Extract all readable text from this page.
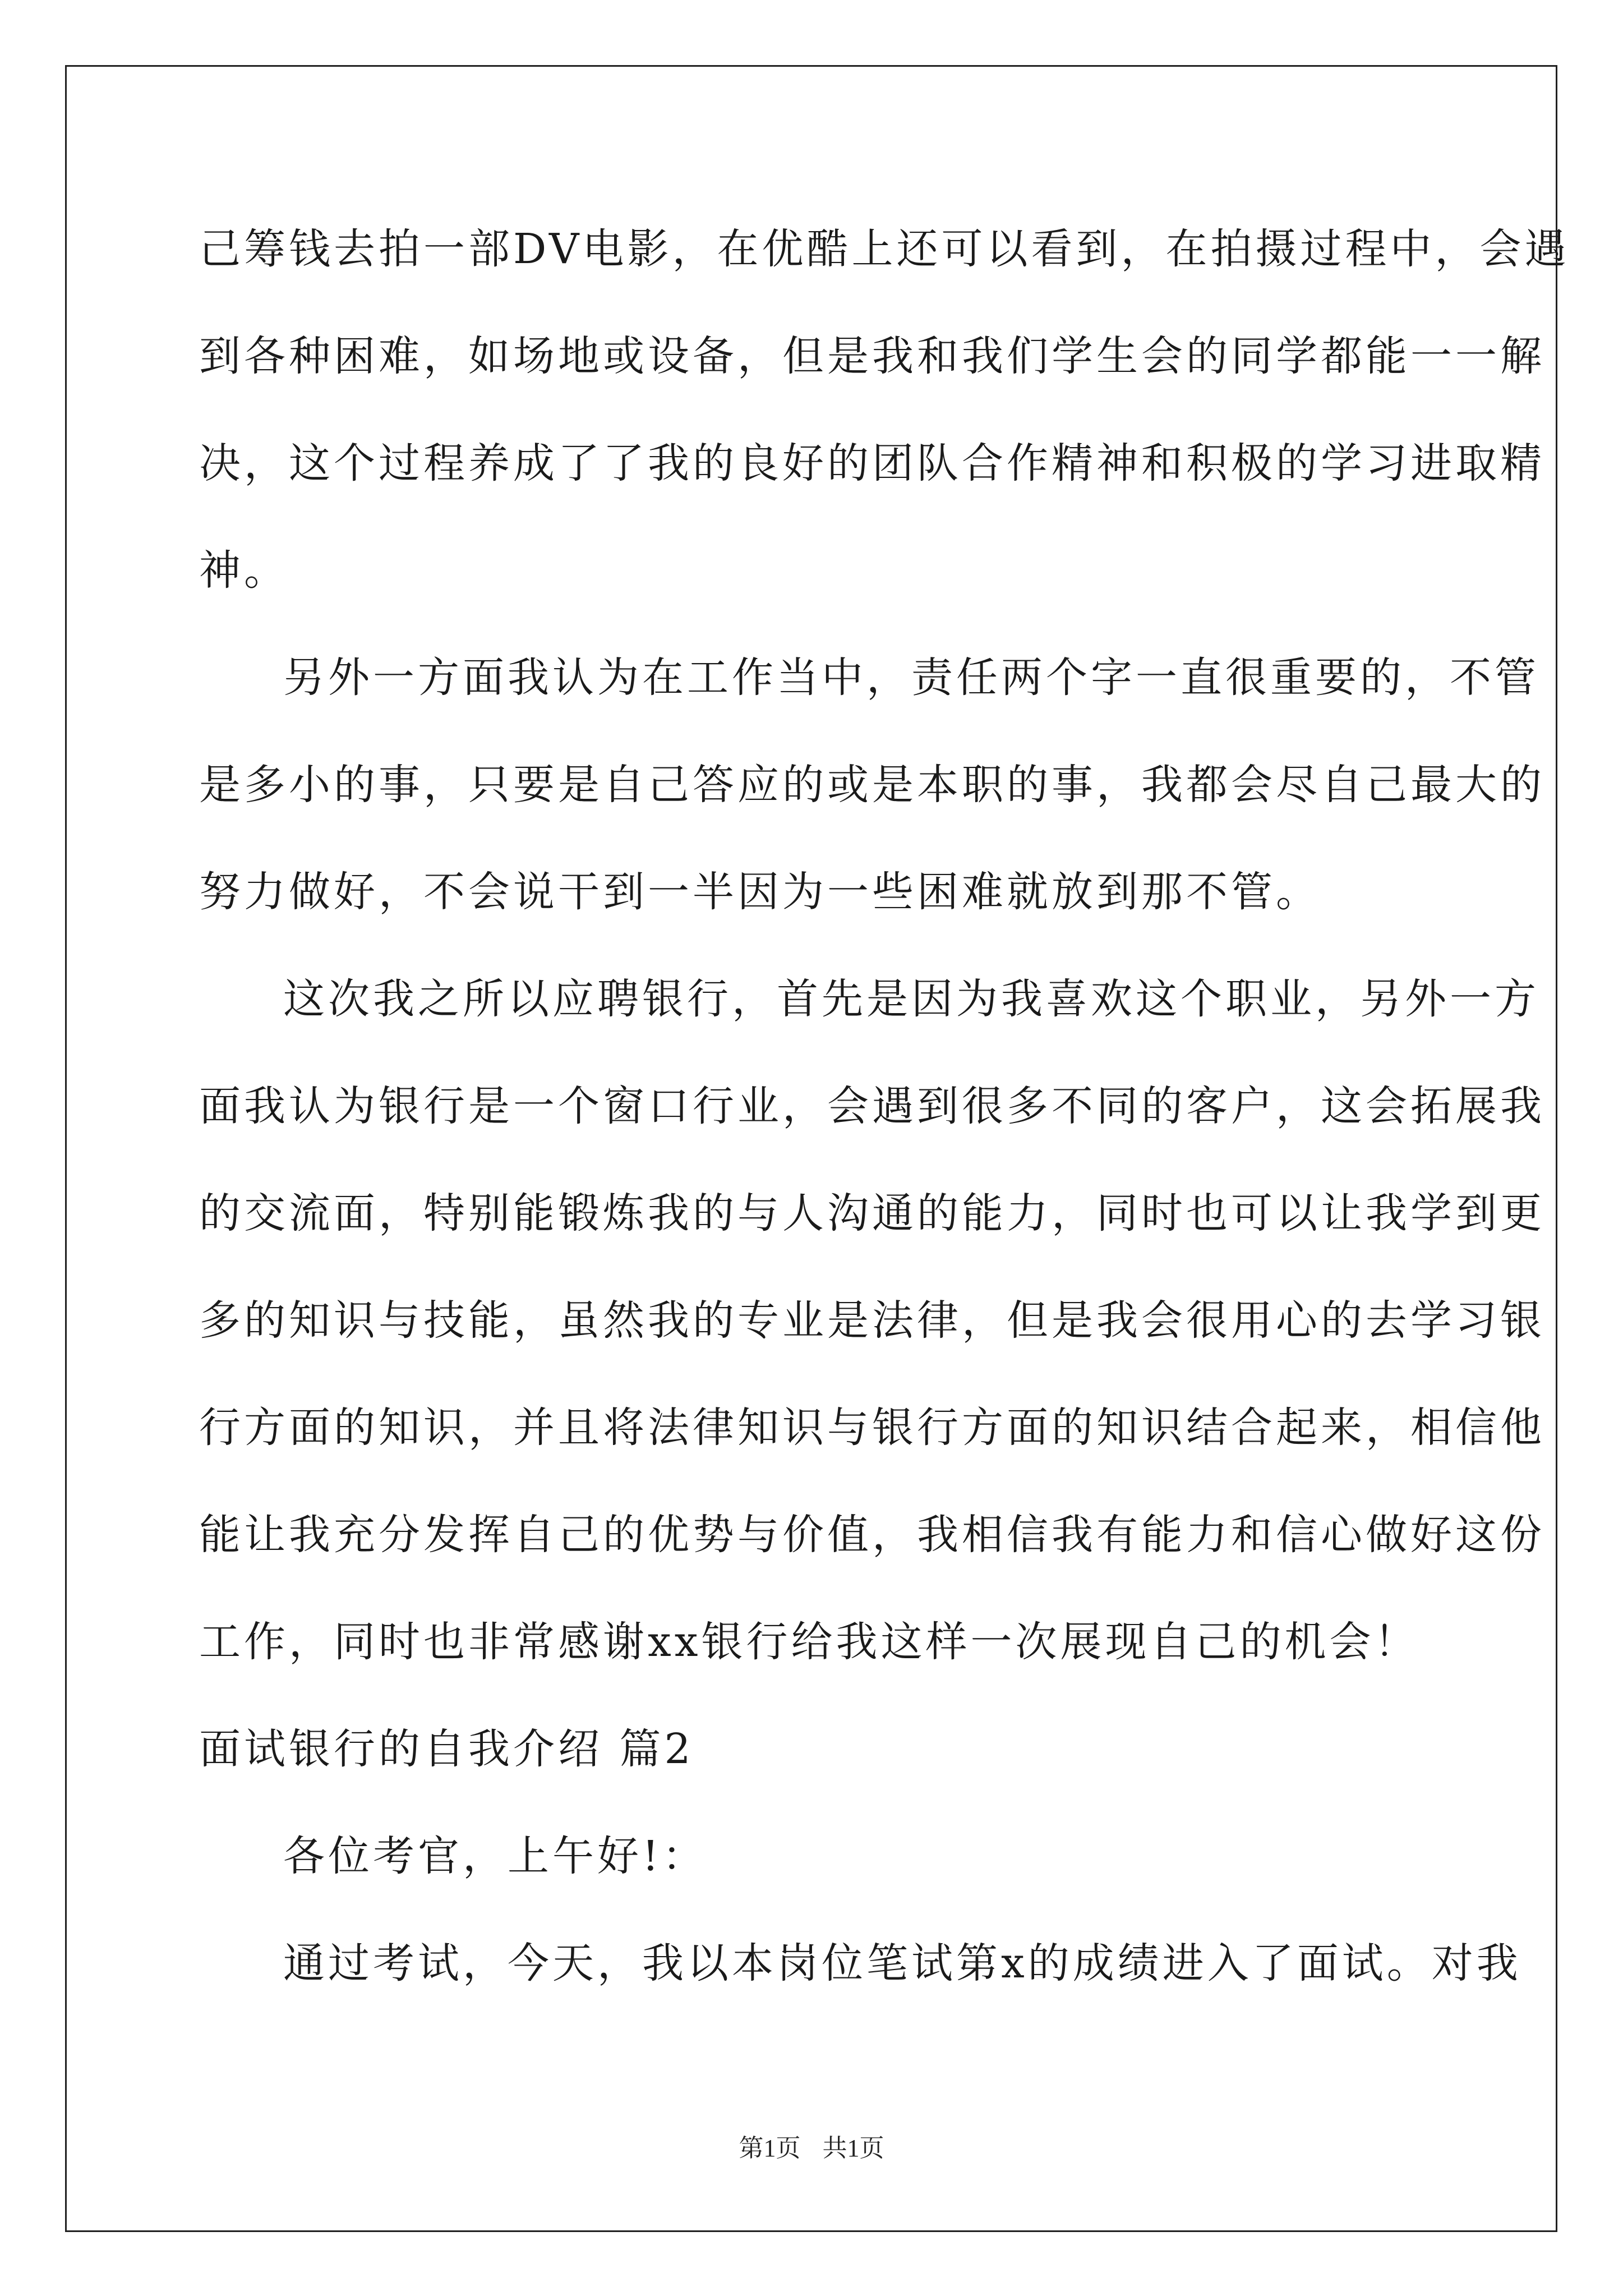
己筹钱去拍一部DV电影，在优酷上还可以看到，在拍摄过程中，会遇
到各种困难，如场地或设备，但是我和我们学生会的同学都能一一解
决，这个过程养成了了我的良好的团队合作精神和积极的学习进取精
神。
另外一方面我认为在工作当中，责任两个字一直很重要的，不管
是多小的事，只要是自己答应的或是本职的事，我都会尽自己最大的
努力做好，不会说干到一半因为一些困难就放到那不管。
这次我之所以应聘银行，首先是因为我喜欢这个职业，另外一方
面我认为银行是一个窗口行业，会遇到很多不同的客户，这会拓展我
的交流面，特别能锻炼我的与人沟通的能力，同时也可以让我学到更
多的知识与技能，虽然我的专业是法律，但是我会很用心的去学习银
行方面的知识，并且将法律知识与银行方面的知识结合起来，相信他
能让我充分发挥自己的优势与价值，我相信我有能力和信心做好这份
工作，同时也非常感谢xx银行给我这样一次展现自己的机会！
面试银行的自我介绍 篇2
各位考官，上午好!：
通过考试，今天，我以本岗位笔试第x的成绩进入了面试。对我
第1页 共1页
